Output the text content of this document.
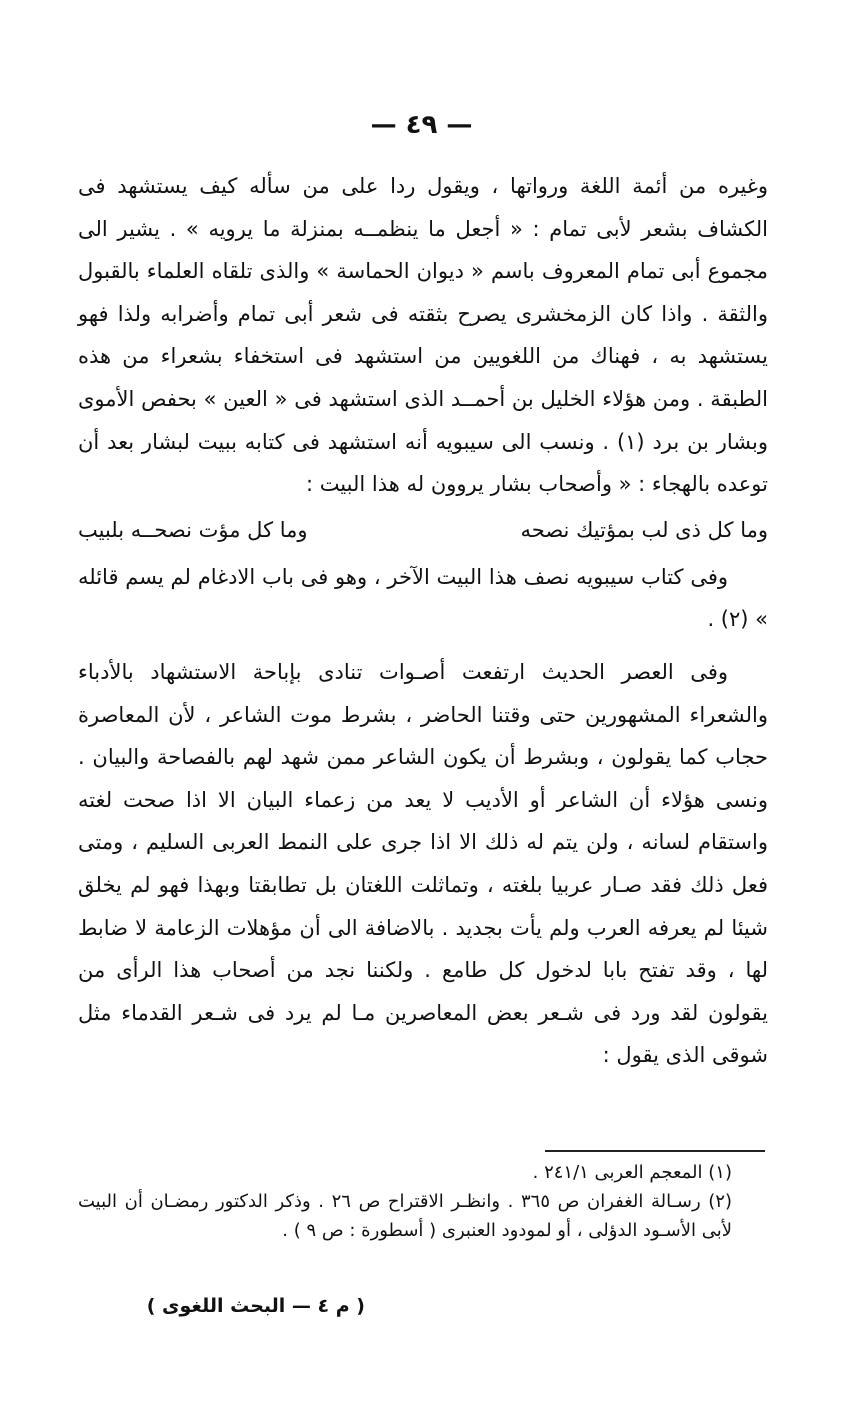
— ٤٩ —

وغيره من أئمة اللغة ورواتها ، ويقول ردا على من سأله كيف يستشهد فى الكشاف بشعر لأبى تمام : « أجعل ما ينظمــه بمنزلة ما يرويه » . يشير الى مجموع أبى تمام المعروف باسم « ديوان الحماسة » والذى تلقاه العلماء بالقبول والثقة . واذا كان الزمخشرى يصرح بثقته فى شعر أبى تمام وأضرابه ولذا فهو يستشهد به ، فهناك من اللغويين من استشهد فى استخفاء بشعراء من هذه الطبقة . ومن هؤلاء الخليل بن أحمــد الذى استشهد فى « العين » بحفص الأموى وبشار بن برد (١) . ونسب الى سيبويه أنه استشهد فى كتابه ببيت لبشار بعد أن توعده بالهجاء : « وأصحاب بشار يروون له هذا البيت :

وما كل ذى لب بمؤتيك نصحه
وما كل مؤت نصحــه بلبيب

وفى كتاب سيبويه نصف هذا البيت الآخر ، وهو فى باب الادغام لم يسم قائله » (٢) .

وفى العصر الحديث ارتفعت أصـوات تنادى بإباحة الاستشهاد بالأدباء والشعراء المشهورين حتى وقتنا الحاضر ، بشرط موت الشاعر ، لأن المعاصرة حجاب كما يقولون ، وبشرط أن يكون الشاعر ممن شهد لهم بالفصاحة والبيان . ونسى هؤلاء أن الشاعر أو الأديب لا يعد من زعماء البيان الا اذا صحت لغته واستقام لسانه ، ولن يتم له ذلك الا اذا جرى على النمط العربى السليم ، ومتى فعل ذلك فقد صـار عربيا بلغته ، وتماثلت اللغتان بل تطابقتا وبهذا فهو لم يخلق شيئا لم يعرفه العرب ولم يأت بجديد . بالاضافة الى أن مؤهلات الزعامة لا ضابط لها ، وقد تفتح بابا لدخول كل طامع . ولكننا نجد من أصحاب هذا الرأى من يقولون لقد ورد فى شـعر بعض المعاصرين مـا لم يرد فى شـعر القدماء مثل شوقى الذى يقول :

(١) المعجم العربى ٢٤١/١ .

(٢) رسـالة الغفران ص ٣٦٥ . وانظـر الاقتراح ص ٢٦ . وذكر الدكتور رمضـان أن البيت لأبى الأسـود الدؤلى ، أو لمودود العنبرى ( أسطورة : ص ٩ ) .

( م ٤ — البحث اللغوى )
